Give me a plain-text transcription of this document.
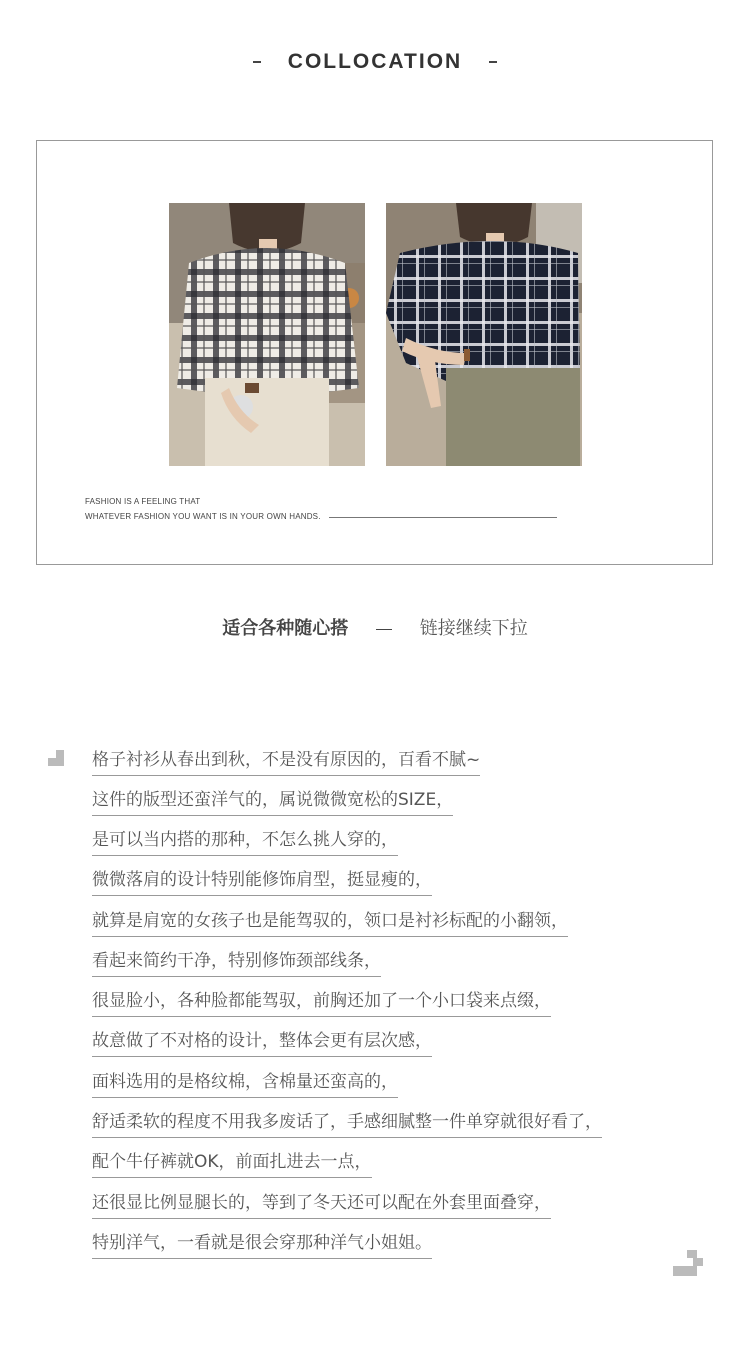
COLLOCATION
FASHION IS A FEELING THAT
WHATEVER FASHION YOU WANT IS IN YOUR OWN HANDS.
适合各种随心搭	链接继续下拉
格子衬衫从春出到秋，不是没有原因的，百看不腻~
这件的版型还蛮洋气的，属说微微宽松的SIZE，
是可以当内搭的那种，不怎么挑人穿的，
微微落肩的设计特别能修饰肩型，挺显瘦的，
就算是肩宽的女孩子也是能驾驭的，领口是衬衫标配的小翻领，
看起来简约干净，特别修饰颈部线条，
很显脸小，各种脸都能驾驭，前胸还加了一个小口袋来点缀，
故意做了不对格的设计，整体会更有层次感，
面料选用的是格纹棉，含棉量还蛮高的，
舒适柔软的程度不用我多废话了，手感细腻整一件单穿就很好看了，
配个牛仔裤就OK，前面扎进去一点，
还很显比例显腿长的，等到了冬天还可以配在外套里面叠穿，
特别洋气，一看就是很会穿那种洋气小姐姐。
